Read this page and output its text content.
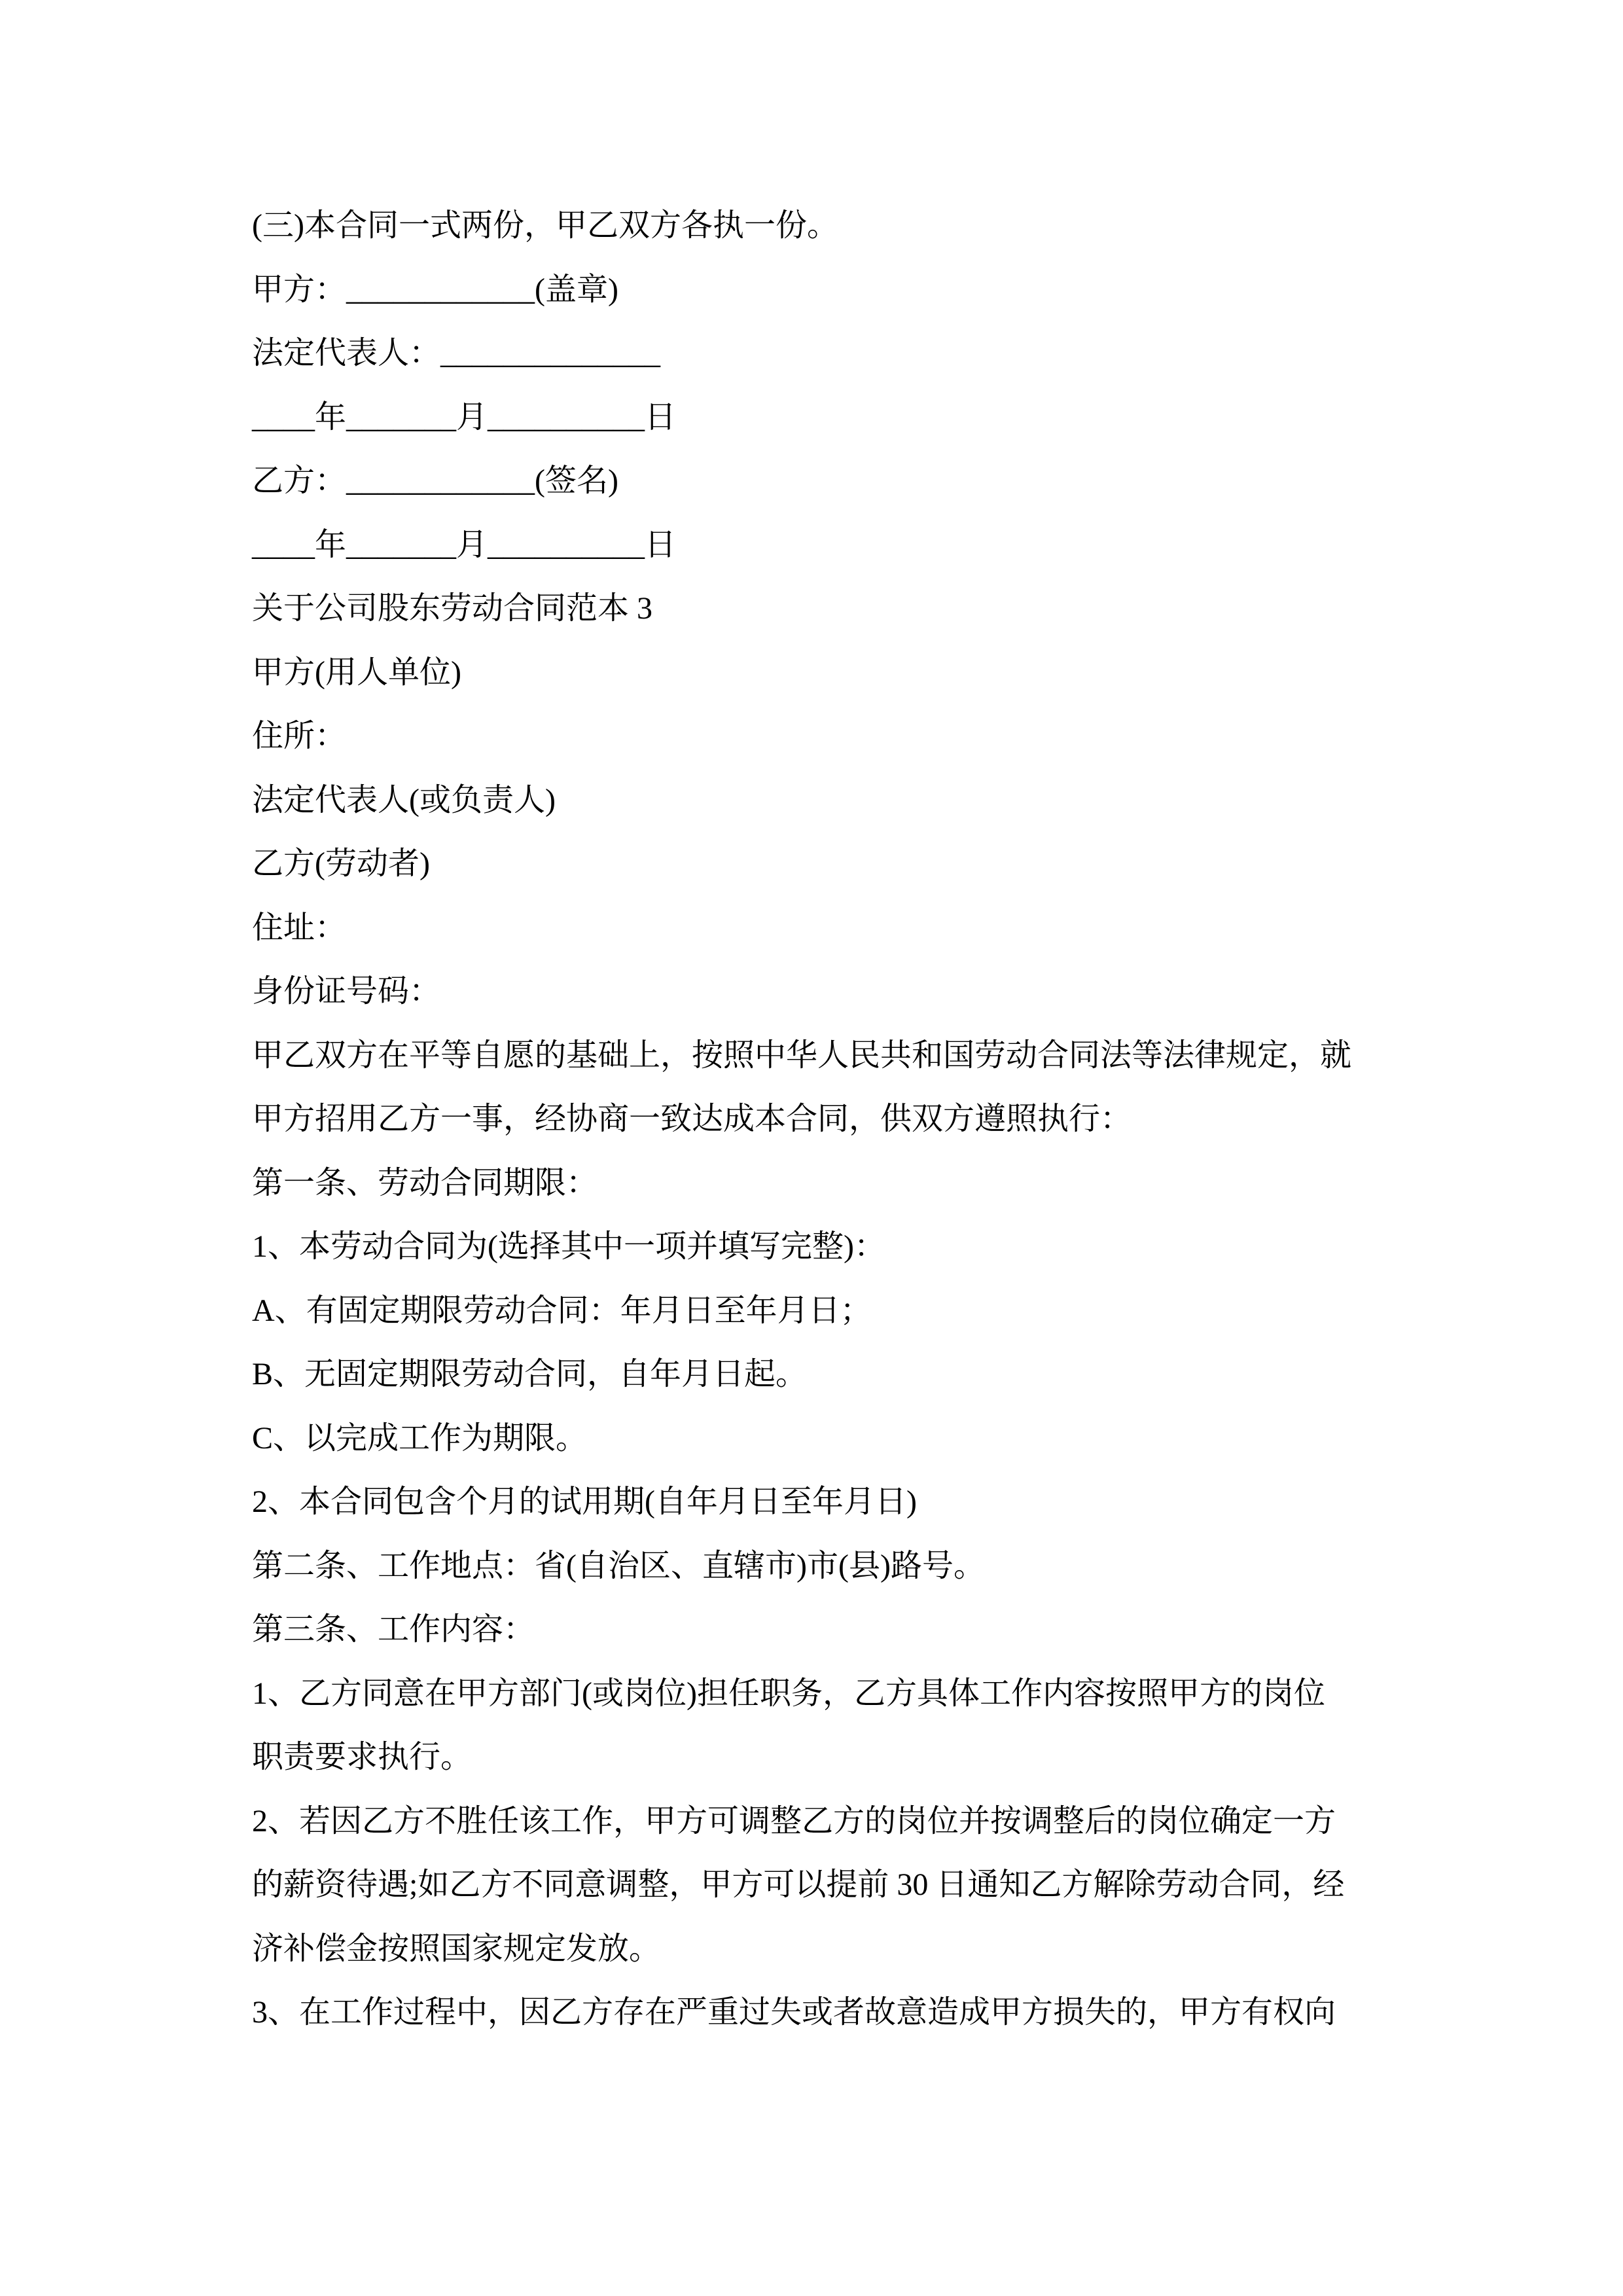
(三)本合同一式两份，甲乙双方各执一份。

甲方：____________(盖章)

法定代表人：______________

____年_______月__________日

乙方：____________(签名)

____年_______月__________日

关于公司股东劳动合同范本 3

甲方(用人单位)

住所：

法定代表人(或负责人)

乙方(劳动者)

住址：

身份证号码：

甲乙双方在平等自愿的基础上，按照中华人民共和国劳动合同法等法律规定，就

甲方招用乙方一事，经协商一致达成本合同，供双方遵照执行：

第一条、劳动合同期限：

1、本劳动合同为(选择其中一项并填写完整)：

A、有固定期限劳动合同：年月日至年月日；

B、无固定期限劳动合同，自年月日起。

C、以完成工作为期限。

2、本合同包含个月的试用期(自年月日至年月日)

第二条、工作地点：省(自治区、直辖市)市(县)路号。

第三条、工作内容：

1、乙方同意在甲方部门(或岗位)担任职务，乙方具体工作内容按照甲方的岗位

职责要求执行。

2、若因乙方不胜任该工作，甲方可调整乙方的岗位并按调整后的岗位确定一方

的薪资待遇;如乙方不同意调整，甲方可以提前 30 日通知乙方解除劳动合同，经

济补偿金按照国家规定发放。

3、在工作过程中，因乙方存在严重过失或者故意造成甲方损失的，甲方有权向
